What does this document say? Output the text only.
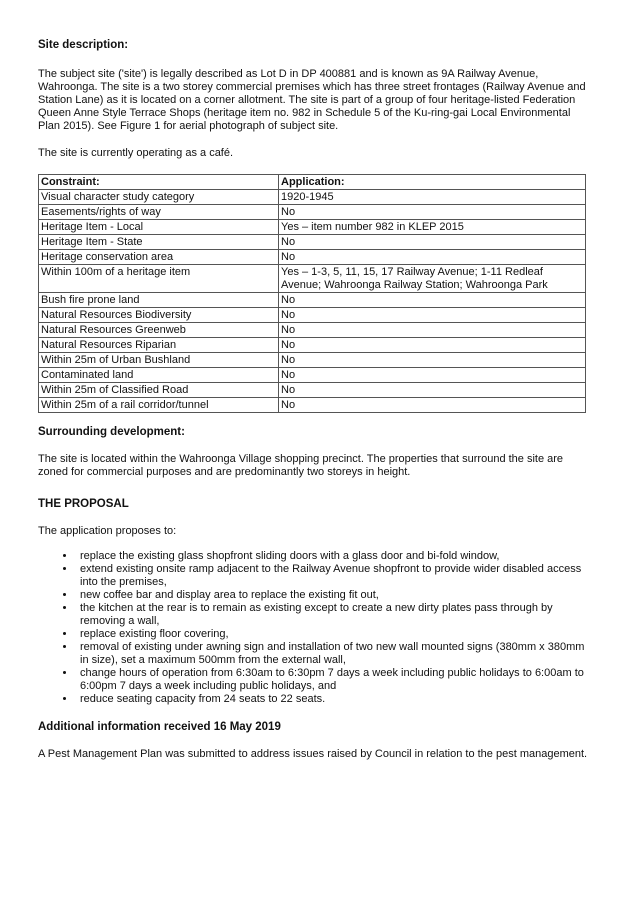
Site description:

The subject site ('site') is legally described as Lot D in DP 400881 and is known as 9A Railway Avenue, Wahroonga. The site is a two storey commercial premises which has three street frontages (Railway Avenue and Station Lane) as it is located on a corner allotment. The site is part of a group of four heritage-listed Federation Queen Anne Style Terrace Shops (heritage item no. 982 in Schedule 5 of the Ku-ring-gai Local Environmental Plan 2015). See Figure 1 for aerial photograph of subject site.

The site is currently operating as a café.

Constraint:	Application:
Visual character study category	1920-1945
Easements/rights of way	No
Heritage Item - Local	Yes – item number 982 in KLEP 2015
Heritage Item - State	No
Heritage conservation area	No
Within 100m of a heritage item	Yes – 1-3, 5, 11, 15, 17 Railway Avenue; 1-11 Redleaf Avenue; Wahroonga Railway Station; Wahroonga Park
Bush fire prone land	No
Natural Resources Biodiversity	No
Natural Resources Greenweb	No
Natural Resources Riparian	No
Within 25m of Urban Bushland	No
Contaminated land	No
Within 25m of Classified Road	No
Within 25m of a rail corridor/tunnel	No
Surrounding development:

The site is located within the Wahroonga Village shopping precinct. The properties that surround the site are zoned for commercial purposes and are predominantly two storeys in height.

THE PROPOSAL

The application proposes to:

• replace the existing glass shopfront sliding doors with a glass door and bi-fold window,
• extend existing onsite ramp adjacent to the Railway Avenue shopfront to provide wider disabled access into the premises,
• new coffee bar and display area to replace the existing fit out,
• the kitchen at the rear is to remain as existing except to create a new dirty plates pass through by removing a wall,
• replace existing floor covering,
• removal of existing under awning sign and installation of two new wall mounted signs (380mm x 380mm in size), set a maximum 500mm from the external wall,
• change hours of operation from 6:30am to 6:30pm 7 days a week including public holidays to 6:00am to 6:00pm 7 days a week including public holidays, and
• reduce seating capacity from 24 seats to 22 seats.
Additional information received 16 May 2019

A Pest Management Plan was submitted to address issues raised by Council in relation to the pest management.
